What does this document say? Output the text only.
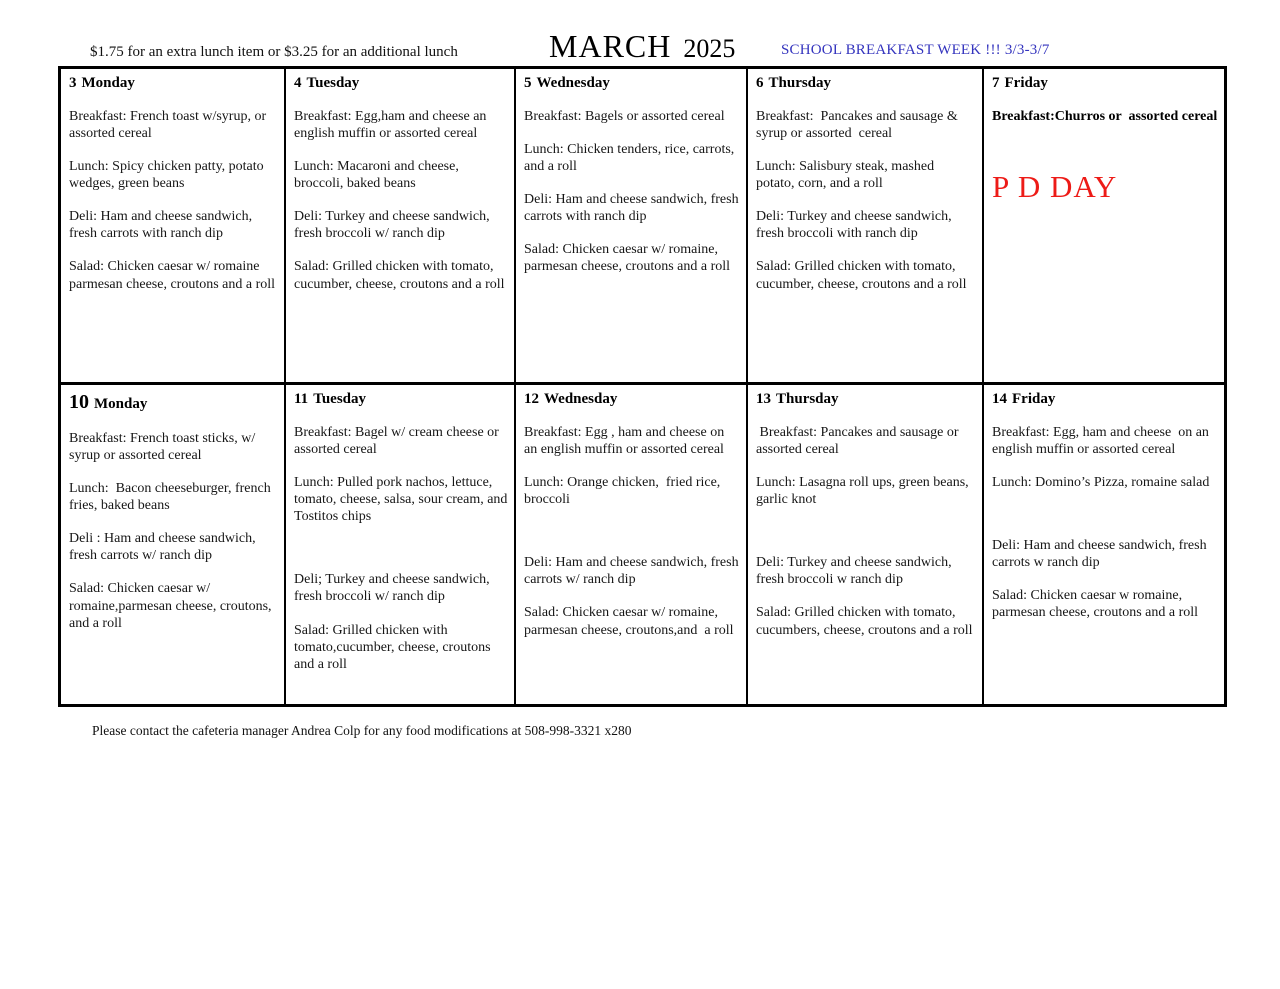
$1.75 for an extra lunch item or $3.25 for an additional lunch	MARCH 2025	SCHOOL BREAKFAST WEEK !!! 3/3-3/7
3 Monday

Breakfast: French toast w/syrup, or assorted cereal

Lunch: Spicy chicken patty, potato wedges, green beans

Deli: Ham and cheese sandwich, fresh carrots with ranch dip

Salad: Chicken caesar w/ romaine parmesan cheese, croutons and a roll

4 Tuesday

Breakfast: Egg,ham and cheese an english muffin or assorted cereal

Lunch: Macaroni and cheese, broccoli, baked beans

Deli: Turkey and cheese sandwich, fresh broccoli w/ ranch dip

Salad: Grilled chicken with tomato, cucumber, cheese, croutons and a roll

5 Wednesday

Breakfast: Bagels or assorted cereal

Lunch: Chicken tenders, rice, carrots, and a roll

Deli: Ham and cheese sandwich, fresh carrots with ranch dip

Salad: Chicken caesar w/ romaine, parmesan cheese, croutons and a roll

6 Thursday

Breakfast:  Pancakes and sausage & syrup or assorted  cereal

Lunch: Salisbury steak, mashed potato, corn, and a roll

Deli: Turkey and cheese sandwich, fresh broccoli with ranch dip

Salad: Grilled chicken with tomato, cucumber, cheese, croutons and a roll

7 Friday

Breakfast:Churros or  assorted cereal

P D DAY

10 Monday

Breakfast: French toast sticks, w/ syrup or assorted cereal

Lunch:  Bacon cheeseburger, french fries, baked beans

Deli : Ham and cheese sandwich, fresh carrots w/ ranch dip

Salad: Chicken caesar w/ romaine,parmesan cheese, croutons, and a roll

11 Tuesday

Breakfast: Bagel w/ cream cheese or assorted cereal

Lunch: Pulled pork nachos, lettuce, tomato, cheese, salsa, sour cream, and Tostitos chips

Deli; Turkey and cheese sandwich, fresh broccoli w/ ranch dip

Salad: Grilled chicken with tomato,cucumber, cheese, croutons and a roll

12 Wednesday

Breakfast: Egg , ham and cheese on an english muffin or assorted cereal

Lunch: Orange chicken,  fried rice, broccoli

Deli: Ham and cheese sandwich, fresh carrots w/ ranch dip

Salad: Chicken caesar w/ romaine, parmesan cheese, croutons,and  a roll

13 Thursday

Breakfast: Pancakes and sausage or assorted cereal

Lunch: Lasagna roll ups, green beans, garlic knot

Deli: Turkey and cheese sandwich, fresh broccoli w ranch dip

Salad: Grilled chicken with tomato, cucumbers, cheese, croutons and a roll

14 Friday

Breakfast: Egg, ham and cheese  on an english muffin or assorted cereal

Lunch: Domino’s Pizza, romaine salad

Deli: Ham and cheese sandwich, fresh carrots w ranch dip

Salad: Chicken caesar w romaine, parmesan cheese, croutons and a roll

Please contact the cafeteria manager Andrea Colp for any food modifications at 508-998-3321 x280
